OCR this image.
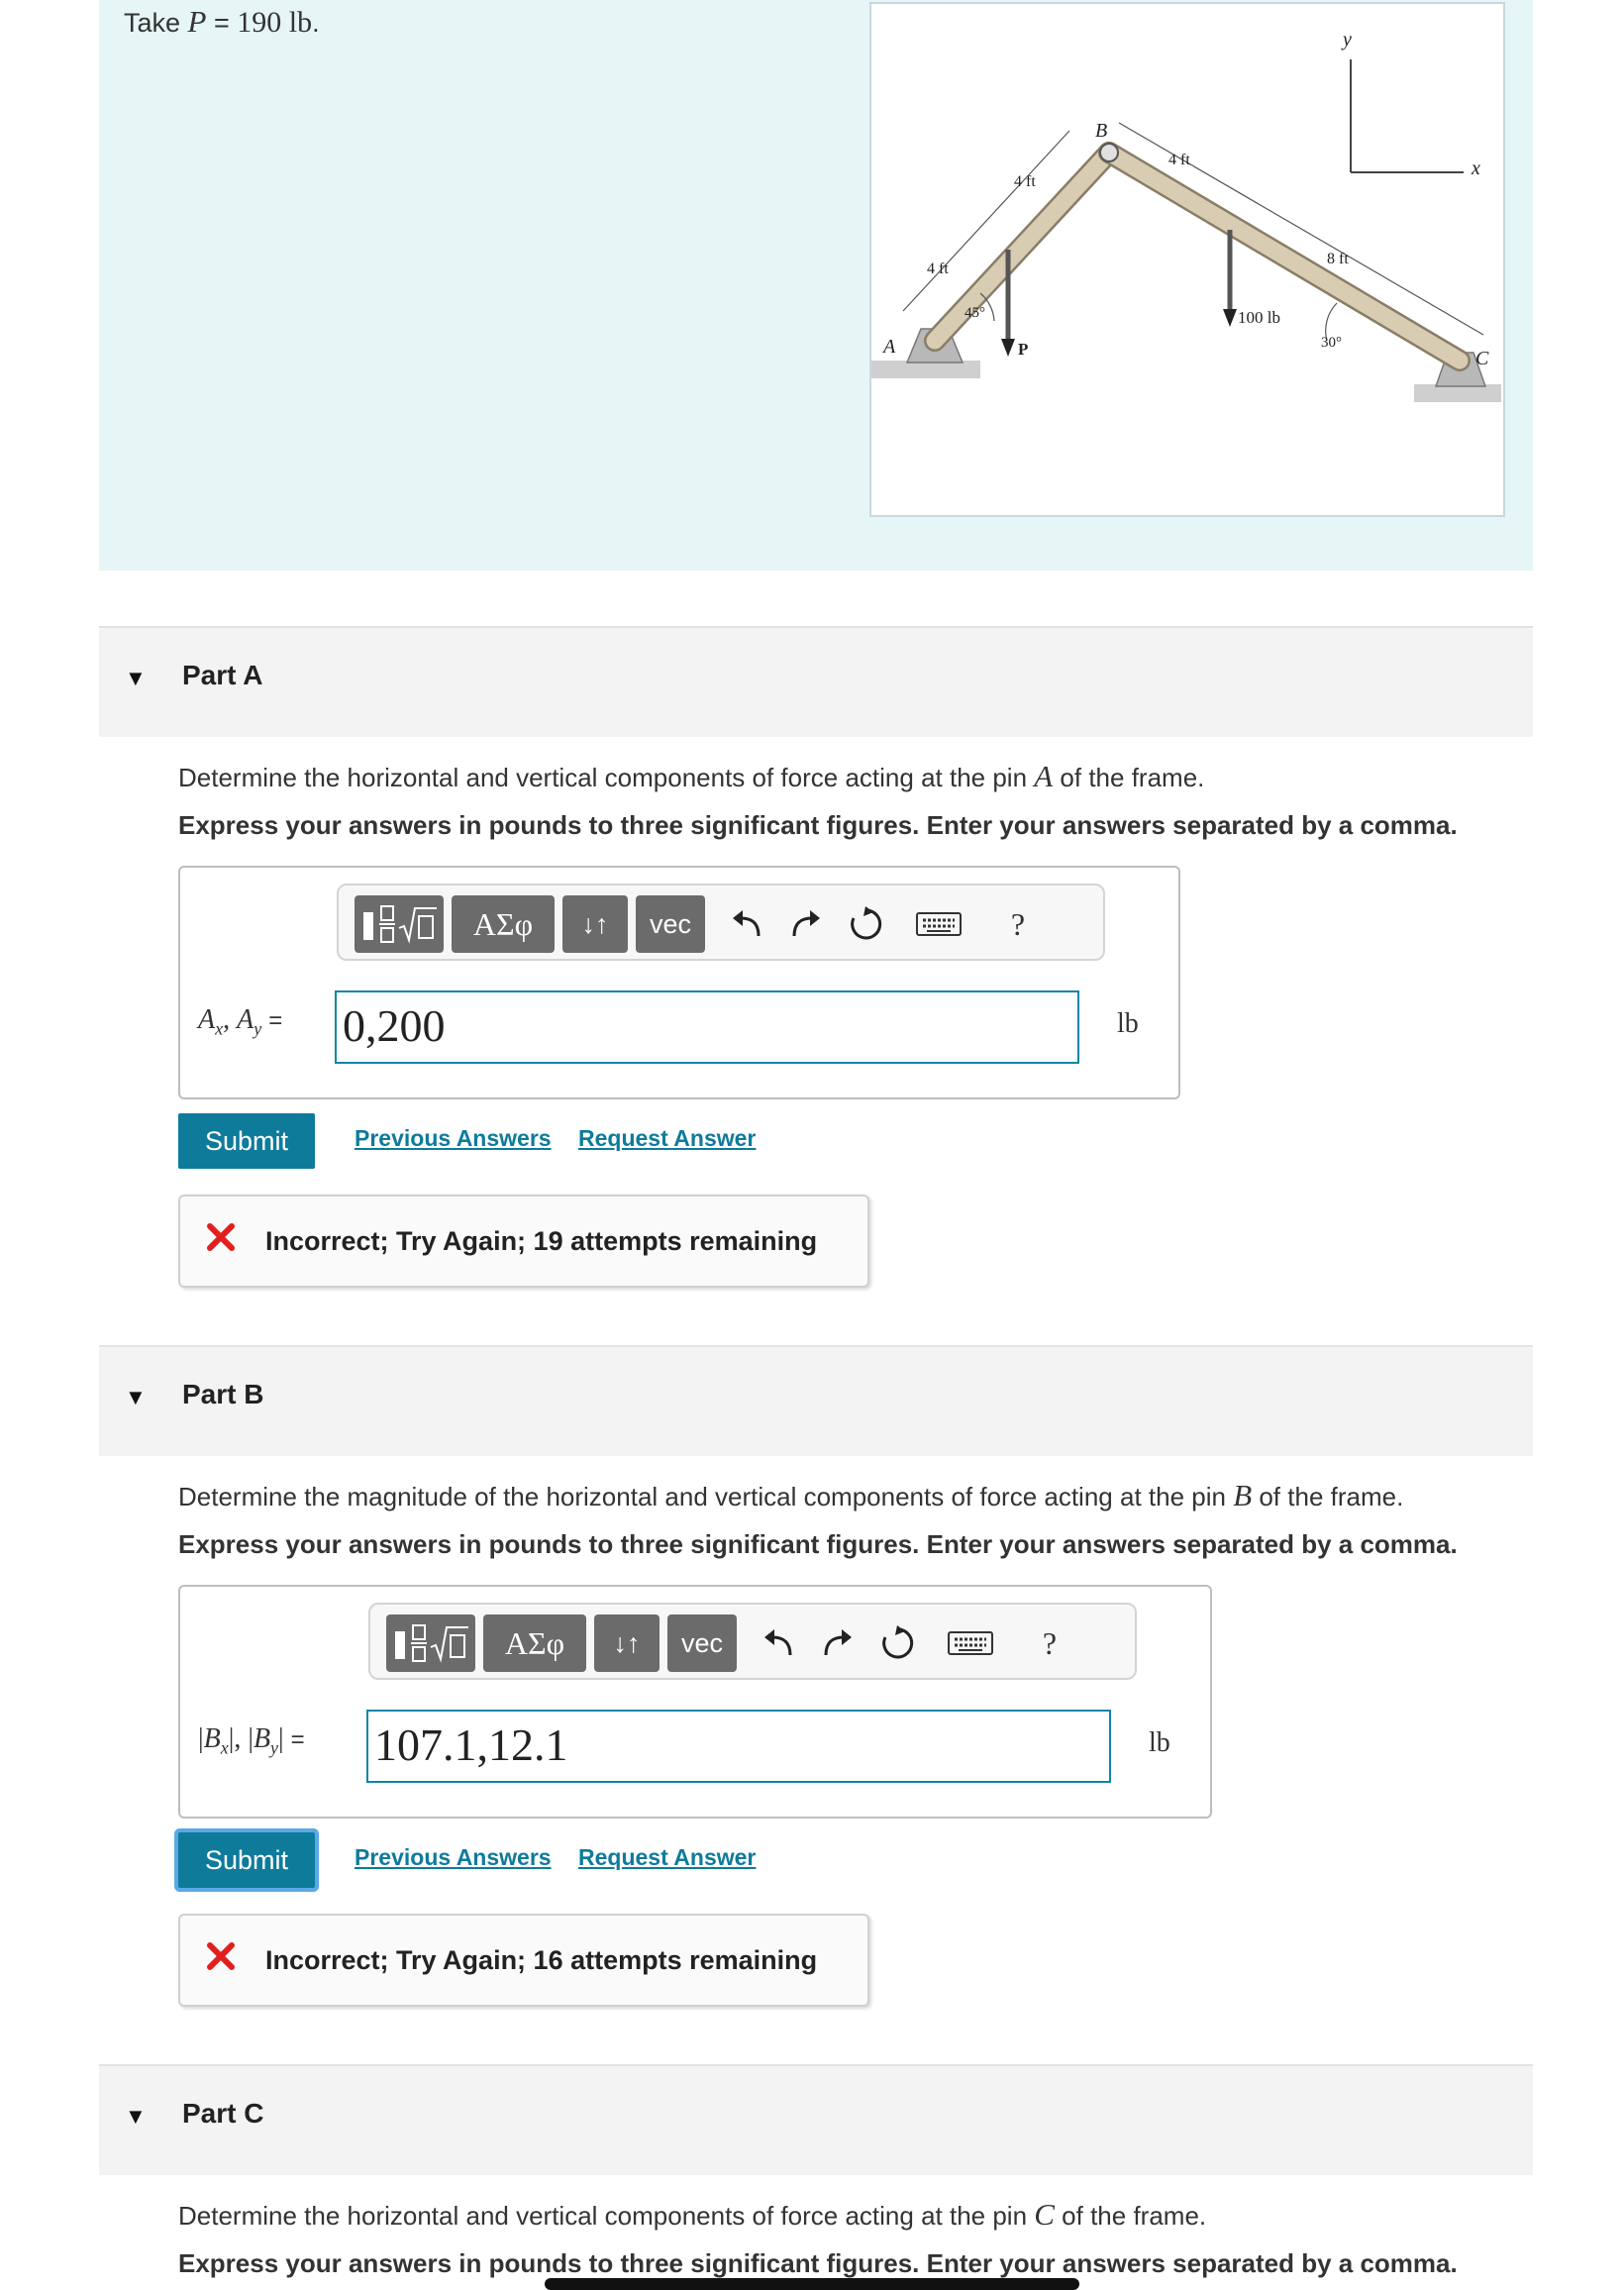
Take P = 190 lb.
A
B
C
P
y
x
4 ft
4 ft
4 ft
8 ft
45°
30°
100 lb
▼ Part A
Determine the horizontal and vertical components of force acting at the pin A of the frame.
Express your answers in pounds to three significant figures. Enter your answers separated by a comma.
ΑΣφ	↓↑	vec	?
$A_x$, $A_y = 0,200$	lb
Submit	Previous Answers Request Answer
Incorrect; Try Again; 19 attempts remaining
▼ Part B
Determine the magnitude of the horizontal and vertical components of force acting at the pin B of the frame.
Express your answers in pounds to three significant figures. Enter your answers separated by a comma.
ΑΣφ	↓↑	vec	?
$|B_x|$, $|B_y| = 107.1,12.1$	lb
Submit	Previous Answers Request Answer
Incorrect; Try Again; 16 attempts remaining
▼ Part C
Determine the horizontal and vertical components of force acting at the pin C of the frame.
Express your answers in pounds to three significant figures. Enter your answers separated by a comma.
